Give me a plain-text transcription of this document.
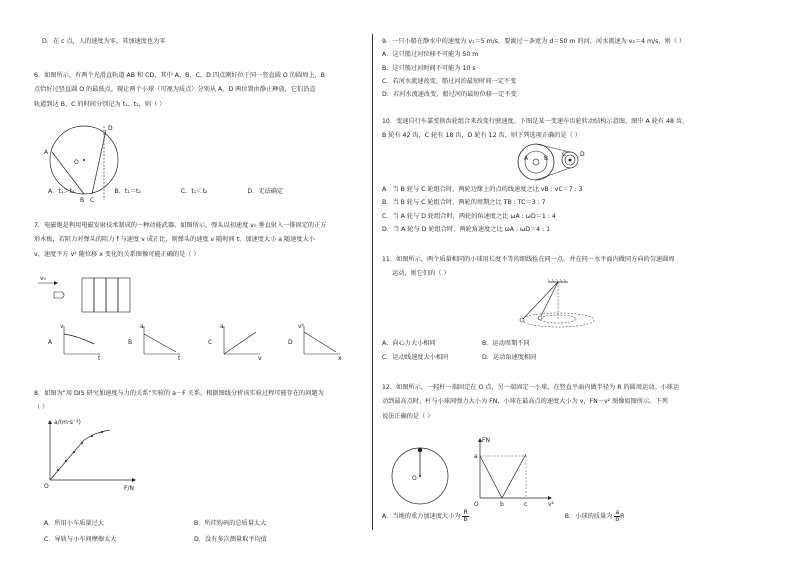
D．在 c 点，人的速度为零，其加速度也为零
6．如图所示，有两个光滑直轨道 AB 和 CD，其中 A、B、C、D 四点刚好位于同一竖直圆 O 的圆周上，B
点恰好过竖直圆 O 的最低点。现让两个小球（可视为质点）分别从 A、D 两位置由静止释放，它们沿直
轨道到达 B、C 的时间分别记为 t₁、t₂，则（ ）
A
B C
D
O
A．t₁＞t₂	B．t₁＝t₂	C．t₁＜t₂	D．无法确定
7．电磁炮是利用电磁发射技术制成的一种动能武器。如图所示，弹头以初速度 v₀ 垂直射入一排固定的正方
形木板，若阻力对弹头的阻力 f 与速度 v 成正比，则弹头的速度 v 随时间 t、加速度大小 a 随速度大小
v、速度平方 v² 随位移 x 变化的关系图像可能正确的是（ ）
v₀
A
v
t
B
a
t
C
a
v
D
v²
x
8．如图为“用 DIS 研究加速度与力的关系”实验的 a－F 关系，根据图线分析该实验过程可能存在的问题为
（ ）
a/(m·s⁻²)
F/N
O
A．所用小车质量过大	B．所挂钩码的总质量太大
C．导轨与小车间摩擦太大	D．没有多次测量取平均值
9．一只小船在静水中的速度为 v₁＝5 m/s，要渡过一条宽为 d＝50 m 的河，河水流速为 v₂＝4 m/s，则（ ）
A．这只船过河位移不可能为 50 m
B．这只船过河时间不可能为 10 s
C．若河水流速改变，船过河的最短时间一定不变
D．若河水流速改变，船过河的最短位移一定不变
10．变速自行车靠变换齿轮组合来改变行驶速度。下图是某一变速车齿轮转动结构示意图，图中 A 轮有 48 齿，
B 轮有 42 齿，C 轮有 18 齿，D 轮有 12 齿，则下列选项正确的是（ ）
A	B
C D
A．当 B 轮与 C 轮组合时，两轮边缘上的点的线速度之比 vB : vC＝7 : 3
B．当 B 轮与 C 轮组合时，两轮的周期之比 TB : TC＝3 : 7
C．当 A 轮与 D 轮组合时，两轮的角速度之比 ωA : ωD＝1 : 4
D．当 A 轮与 D 轮组合时，两轮角速度之比 ωA : ωD＝4 : 1
11．如图所示，两个质量相同的小球用长度不等的细线拴在同一点，并在同一水平面内做同方向的匀速圆周
运动，则它们的（ ）
A．向心力大小相同	B．运动周期不同
C．运动线速度大小相同	D．运动角速度相同
12．如图所示，一轻杆一端固定在 O 点，另一端固定一小球，在竖直平面内做半径为 R 的圆周运动。小球运
动到最高点时，杆与小球间弹力大小为 FN，小球在最高点的速度大小为 v，FN－v² 图像如图所示。下列
说法正确的是（ ）
O
FN
a
b	c	v²
O
A．当地的重力加速度大小为 $\frac{R}{b}$	B．小球的质量为 $\frac{a}{b}$ R
